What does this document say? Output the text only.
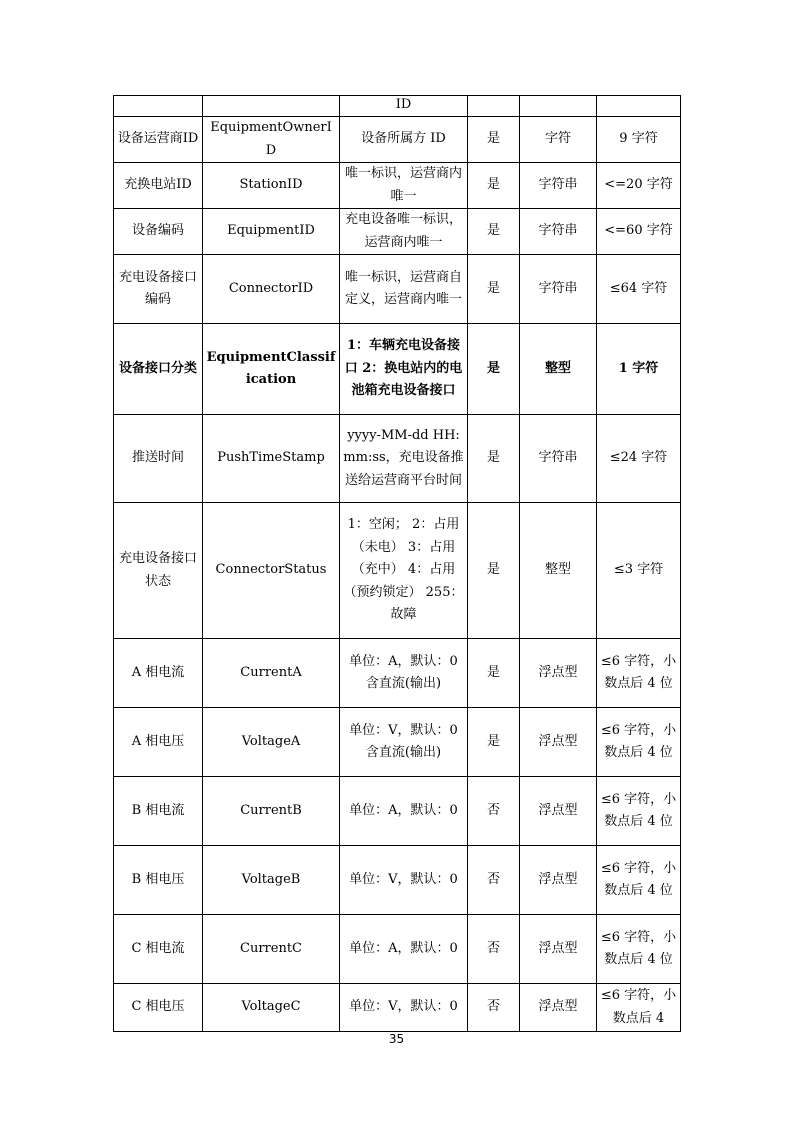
		ID			
设备运营商ID	EquipmentOwnerID	设备所属方 ID	是	字符	9 字符
充换电站ID	StationID	唯一标识，运营商内唯一	是	字符串	<=20 字符
设备编码	EquipmentID	充电设备唯一标识，运营商内唯一	是	字符串	<=60 字符
充电设备接口编码	ConnectorID	唯一标识，运营商自定义，运营商内唯一	是	字符串	≤64 字符
设备接口分类	EquipmentClassification	1：车辆充电设备接口 2：换电站内的电池箱充电设备接口	是	整型	1 字符
推送时间	PushTimeStamp	yyyy-MM-dd HH:mm:ss，充电设备推送给运营商平台时间	是	字符串	≤24 字符
充电设备接口状态	ConnectorStatus	1：空闲； 2：占用（未电） 3：占用（充中） 4：占用（预约锁定） 255：故障	是	整型	≤3 字符
A 相电流	CurrentA	单位：A，默认：0 含直流(输出)	是	浮点型	≤6 字符，小数点后 4 位
A 相电压	VoltageA	单位：V，默认：0 含直流(输出)	是	浮点型	≤6 字符，小数点后 4 位
B 相电流	CurrentB	单位：A，默认：0	否	浮点型	≤6 字符，小数点后 4 位
B 相电压	VoltageB	单位：V，默认：0	否	浮点型	≤6 字符，小数点后 4 位
C 相电流	CurrentC	单位：A，默认：0	否	浮点型	≤6 字符，小数点后 4 位
C 相电压	VoltageC	单位：V，默认：0	否	浮点型	≤6 字符，小数点后 4
35
